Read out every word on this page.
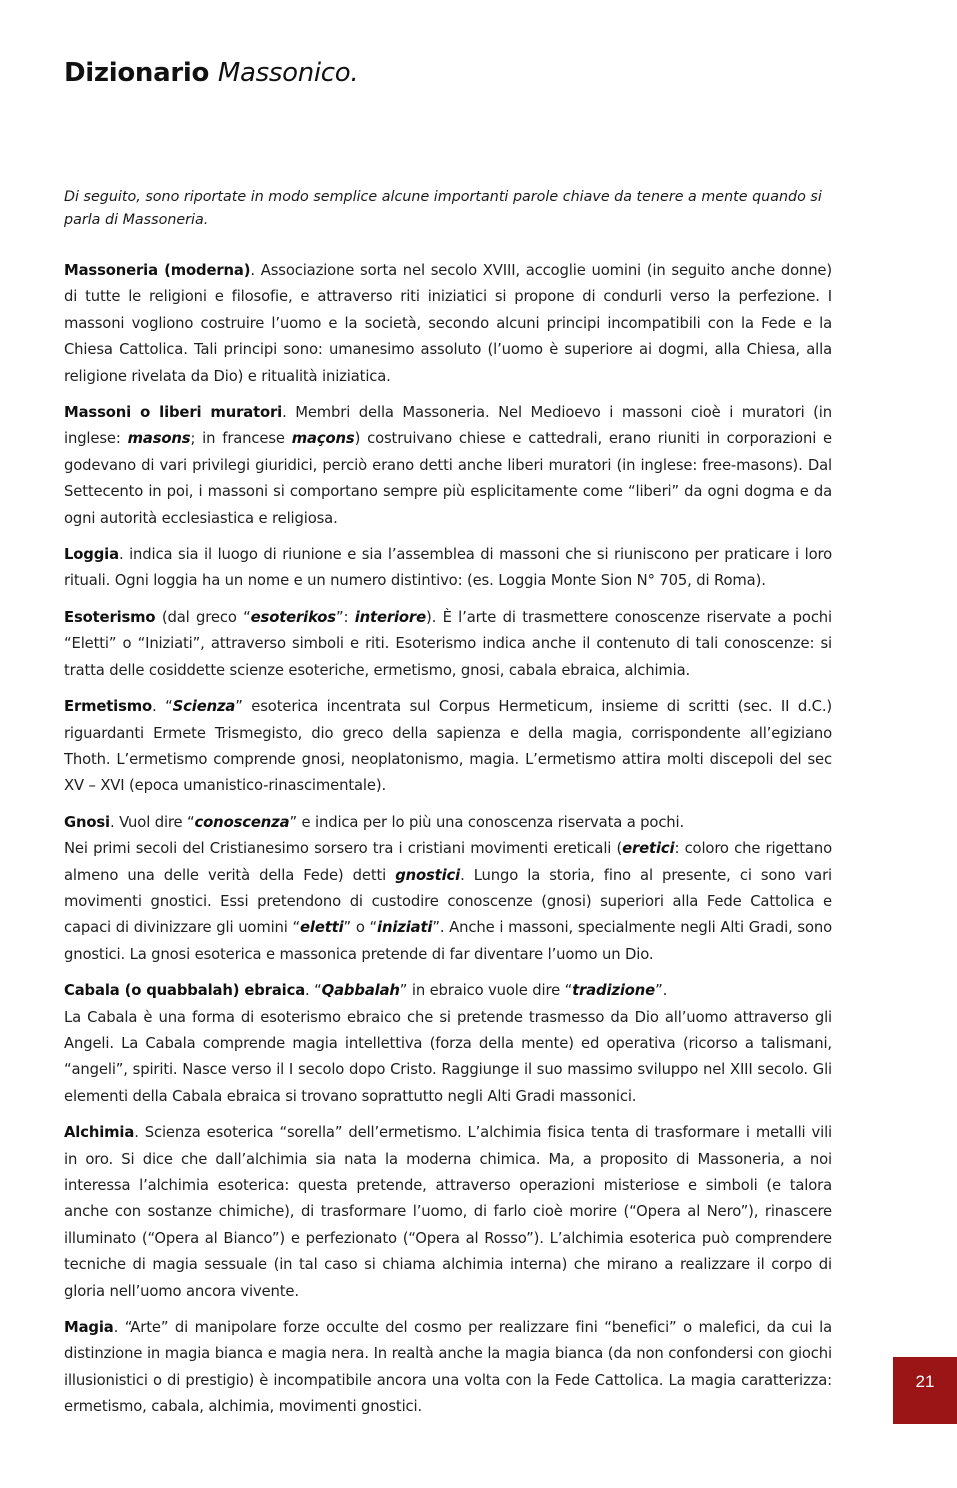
Dizionario Massonico.

Di seguito, sono riportate in modo semplice alcune importanti parole chiave da tenere a mente quando si parla di Massoneria.

Massoneria (moderna). Associazione sorta nel secolo XVIII, accoglie uomini (in seguito anche donne) di tutte le religioni e filosofie, e attraverso riti iniziatici si propone di condurli verso la perfezione. I massoni vogliono costruire l’uomo e la società, secondo alcuni principi incompatibili con la Fede e la Chiesa Cattolica. Tali principi sono: umanesimo assoluto (l’uomo è superiore ai dogmi, alla Chiesa, alla religione rivelata da Dio) e ritualità iniziatica.

Massoni o liberi muratori. Membri della Massoneria. Nel Medioevo i massoni cioè i muratori (in inglese: masons; in francese maçons) costruivano chiese e cattedrali, erano riuniti in corporazioni e godevano di vari privilegi giuridici, perciò erano detti anche liberi muratori (in inglese: free-masons). Dal Settecento in poi, i massoni si comportano sempre più esplicitamente come “liberi” da ogni dogma e da ogni autorità ecclesiastica e religiosa.

Loggia. indica sia il luogo di riunione e sia l’assemblea di massoni che si riuniscono per praticare i loro rituali. Ogni loggia ha un nome e un numero distintivo: (es. Loggia Monte Sion N° 705, di Roma).

Esoterismo (dal greco “esoterikos”: interiore). È l’arte di trasmettere conoscenze riservate a pochi “Eletti” o “Iniziati”, attraverso simboli e riti. Esoterismo indica anche il contenuto di tali conoscenze: si tratta delle cosiddette scienze esoteriche, ermetismo, gnosi, cabala ebraica, alchimia.

Ermetismo. “Scienza” esoterica incentrata sul Corpus Hermeticum, insieme di scritti (sec. II d.C.) riguardanti Ermete Trismegisto, dio greco della sapienza e della magia, corrispondente all’egiziano Thoth. L’ermetismo comprende gnosi, neoplatonismo, magia. L’ermetismo attira molti discepoli del sec XV – XVI (epoca umanistico-rinascimentale).

Gnosi. Vuol dire “conoscenza” e indica per lo più una conoscenza riservata a pochi.
Nei primi secoli del Cristianesimo sorsero tra i cristiani movimenti ereticali (eretici: coloro che rigettano almeno una delle verità della Fede) detti gnostici. Lungo la storia, fino al presente, ci sono vari movimenti gnostici. Essi pretendono di custodire conoscenze (gnosi) superiori alla Fede Cattolica e capaci di divinizzare gli uomini “eletti” o “iniziati”. Anche i massoni, specialmente negli Alti Gradi, sono gnostici. La gnosi esoterica e massonica pretende di far diventare l’uomo un Dio.

Cabala (o quabbalah) ebraica. “Qabbalah” in ebraico vuole dire “tradizione”.
La Cabala è una forma di esoterismo ebraico che si pretende trasmesso da Dio all’uomo attraverso gli Angeli. La Cabala comprende magia intellettiva (forza della mente) ed operativa (ricorso a talismani, “angeli”, spiriti. Nasce verso il I secolo dopo Cristo. Raggiunge il suo massimo sviluppo nel XIII secolo. Gli elementi della Cabala ebraica si trovano soprattutto negli Alti Gradi massonici.

Alchimia. Scienza esoterica “sorella” dell’ermetismo. L’alchimia fisica tenta di trasformare i metalli vili in oro. Si dice che dall’alchimia sia nata la moderna chimica. Ma, a proposito di Massoneria, a noi interessa l’alchimia esoterica: questa pretende, attraverso operazioni misteriose e simboli (e talora anche con sostanze chimiche), di trasformare l’uomo, di farlo cioè morire (“Opera al Nero”), rinascere illuminato (“Opera al Bianco”) e perfezionato (“Opera al Rosso”). L’alchimia esoterica può comprendere tecniche di magia sessuale (in tal caso si chiama alchimia interna) che mirano a realizzare il corpo di gloria nell’uomo ancora vivente.

Magia. “Arte” di manipolare forze occulte del cosmo per realizzare fini “benefici” o malefici, da cui la distinzione in magia bianca e magia nera. In realtà anche la magia bianca (da non confondersi con giochi illusionistici o di prestigio) è incompatibile ancora una volta con la Fede Cattolica. La magia caratterizza: ermetismo, cabala, alchimia, movimenti gnostici.

21
